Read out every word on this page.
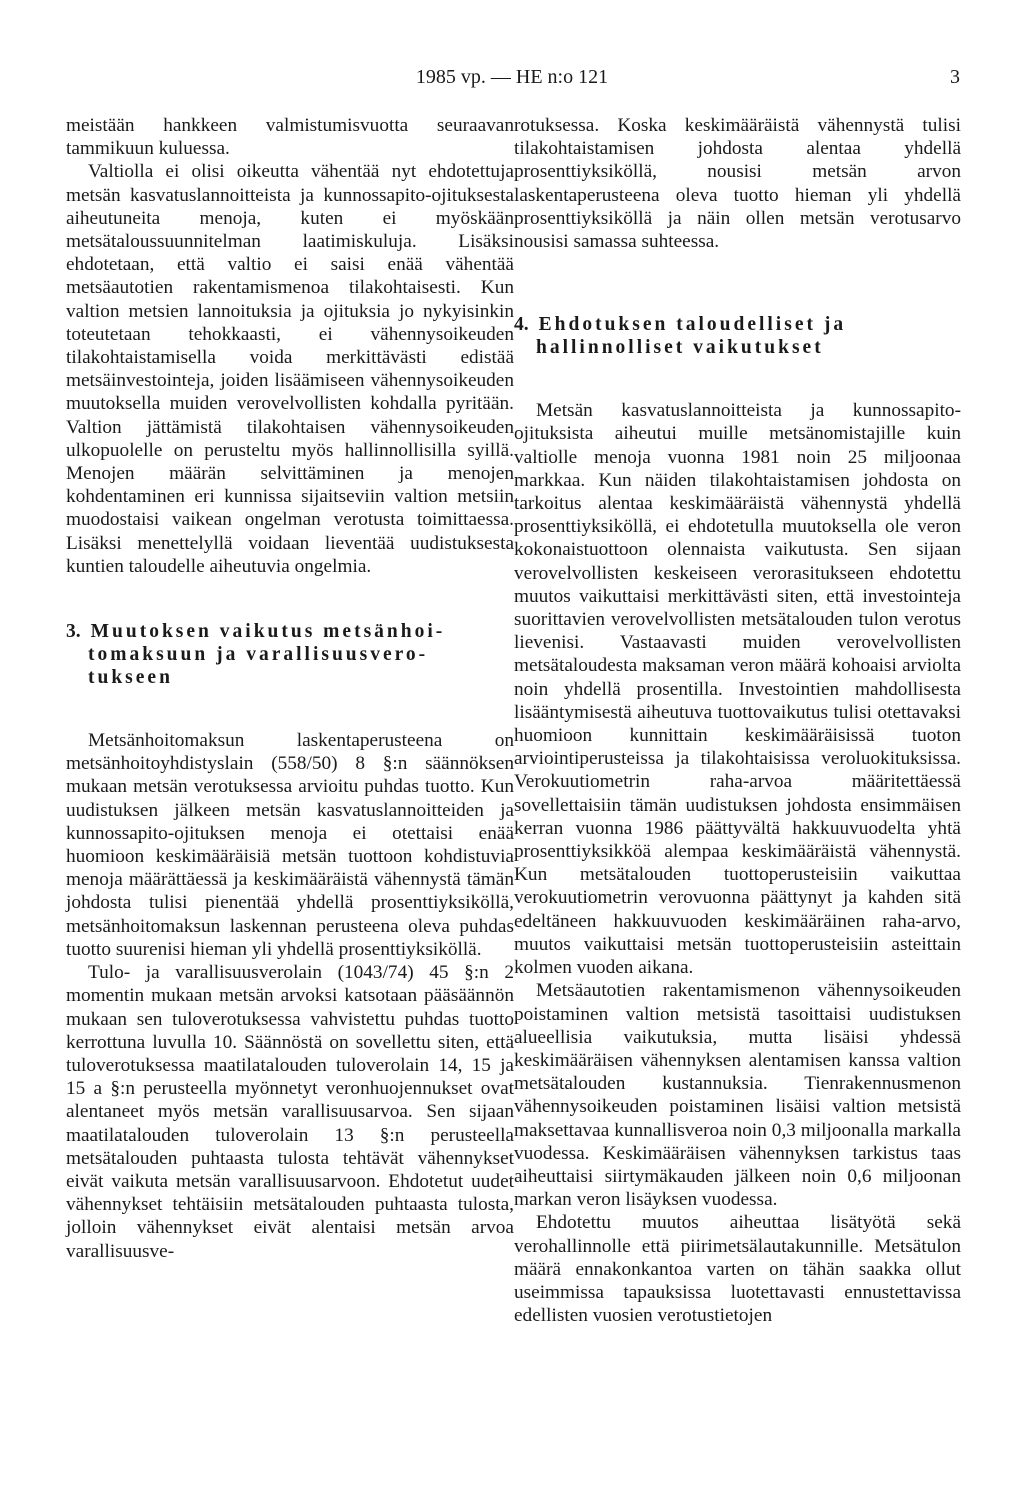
1985 vp. — HE n:o 121	3

meistään hankkeen valmistumisvuotta seuraavan tammikuun kuluessa.

Valtiolla ei olisi oikeutta vähentää nyt ehdotettuja metsän kasvatuslannoitteista ja kunnossapito-ojituksesta aiheutuneita menoja, kuten ei myöskään metsätaloussuunnitelman laatimiskuluja. Lisäksi ehdotetaan, että valtio ei saisi enää vähentää metsäautotien rakentamismenoa tilakohtaisesti. Kun valtion metsien lannoituksia ja ojituksia jo nykyisinkin toteutetaan tehokkaasti, ei vähennysoikeuden tilakohtaistamisella voida merkittävästi edistää metsäinvestointeja, joiden lisäämiseen vähennysoikeuden muutoksella muiden verovelvollisten kohdalla pyritään. Valtion jättämistä tilakohtaisen vähennysoikeuden ulkopuolelle on perusteltu myös hallinnollisilla syillä. Menojen määrän selvittäminen ja menojen kohdentaminen eri kunnissa sijaitseviin valtion metsiin muodostaisi vaikean ongelman verotusta toimittaessa. Lisäksi menettelyllä voidaan lieventää uudistuksesta kuntien taloudelle aiheutuvia ongelmia.

3. Muutoksen vaikutus metsänhoi-
tomaksuun ja varallisuusvero- tukseen

Metsänhoitomaksun laskentaperusteena on metsänhoitoyhdistyslain (558/50) 8 §:n säännöksen mukaan metsän verotuksessa arvioitu puhdas tuotto. Kun uudistuksen jälkeen metsän kasvatuslannoitteiden ja kunnossapito-ojituksen menoja ei otettaisi enää huomioon keskimääräisiä metsän tuottoon kohdistuvia menoja määrättäessä ja keskimääräistä vähennystä tämän johdosta tulisi pienentää yhdellä prosenttiyksiköllä, metsänhoitomaksun laskennan perusteena oleva puhdas tuotto suurenisi hieman yli yhdellä prosenttiyksiköllä.

Tulo- ja varallisuusverolain (1043/74) 45 §:n 2 momentin mukaan metsän arvoksi katsotaan pääsäännön mukaan sen tuloverotuksessa vahvistettu puhdas tuotto kerrottuna luvulla 10. Säännöstä on sovellettu siten, että tuloverotuksessa maatilatalouden tuloverolain 14, 15 ja 15 a §:n perusteella myönnetyt veronhuojennukset ovat alentaneet myös metsän varallisuusarvoa. Sen sijaan maatilatalouden tuloverolain 13 §:n perusteella metsätalouden puhtaasta tulosta tehtävät vähennykset eivät vaikuta metsän varallisuusarvoon. Ehdotetut uudet vähennykset tehtäisiin metsätalouden puhtaasta tulosta, jolloin vähennykset eivät alentaisi metsän arvoa varallisuusve-

rotuksessa. Koska keskimääräistä vähennystä tulisi tilakohtaistamisen johdosta alentaa yhdellä prosenttiyksiköllä, nousisi metsän arvon laskentaperusteena oleva tuotto hieman yli yhdellä prosenttiyksiköllä ja näin ollen metsän verotusarvo nousisi samassa suhteessa.

4. Ehdotuksen taloudelliset ja
hallinnolliset vaikutukset

Metsän kasvatuslannoitteista ja kunnossapito-ojituksista aiheutui muille metsänomistajille kuin valtiolle menoja vuonna 1981 noin 25 miljoonaa markkaa. Kun näiden tilakohtaistamisen johdosta on tarkoitus alentaa keskimääräistä vähennystä yhdellä prosenttiyksiköllä, ei ehdotetulla muutoksella ole veron kokonaistuottoon olennaista vaikutusta. Sen sijaan verovelvollisten keskeiseen verorasitukseen ehdotettu muutos vaikuttaisi merkittävästi siten, että investointeja suorittavien verovelvollisten metsätalouden tulon verotus lievenisi. Vastaavasti muiden verovelvollisten metsätaloudesta maksaman veron määrä kohoaisi arviolta noin yhdellä prosentilla. Investointien mahdollisesta lisääntymisestä aiheutuva tuottovaikutus tulisi otettavaksi huomioon kunnittain keskimääräisissä tuoton arviointiperusteissa ja tilakohtaisissa veroluokituksissa. Verokuutiometrin raha-arvoa määritettäessä sovellettaisiin tämän uudistuksen johdosta ensimmäisen kerran vuonna 1986 päättyvältä hakkuuvuodelta yhtä prosenttiyksikköä alempaa keskimääräistä vähennystä. Kun metsätalouden tuottoperusteisiin vaikuttaa verokuutiometrin verovuonna päättynyt ja kahden sitä edeltäneen hakkuuvuoden keskimääräinen raha-arvo, muutos vaikuttaisi metsän tuottoperusteisiin asteittain kolmen vuoden aikana.

Metsäautotien rakentamismenon vähennysoikeuden poistaminen valtion metsistä tasoittaisi uudistuksen alueellisia vaikutuksia, mutta lisäisi yhdessä keskimääräisen vähennyksen alentamisen kanssa valtion metsätalouden kustannuksia. Tienrakennusmenon vähennysoikeuden poistaminen lisäisi valtion metsistä maksettavaa kunnallisveroa noin 0,3 miljoonalla markalla vuodessa. Keskimääräisen vähennyksen tarkistus taas aiheuttaisi siirtymäkauden jälkeen noin 0,6 miljoonan markan veron lisäyksen vuodessa.

Ehdotettu muutos aiheuttaa lisätyötä sekä verohallinnolle että piirimetsälautakunnille. Metsätulon määrä ennakonkantoa varten on tähän saakka ollut useimmissa tapauksissa luotettavasti ennustettavissa edellisten vuosien verotustietojen
